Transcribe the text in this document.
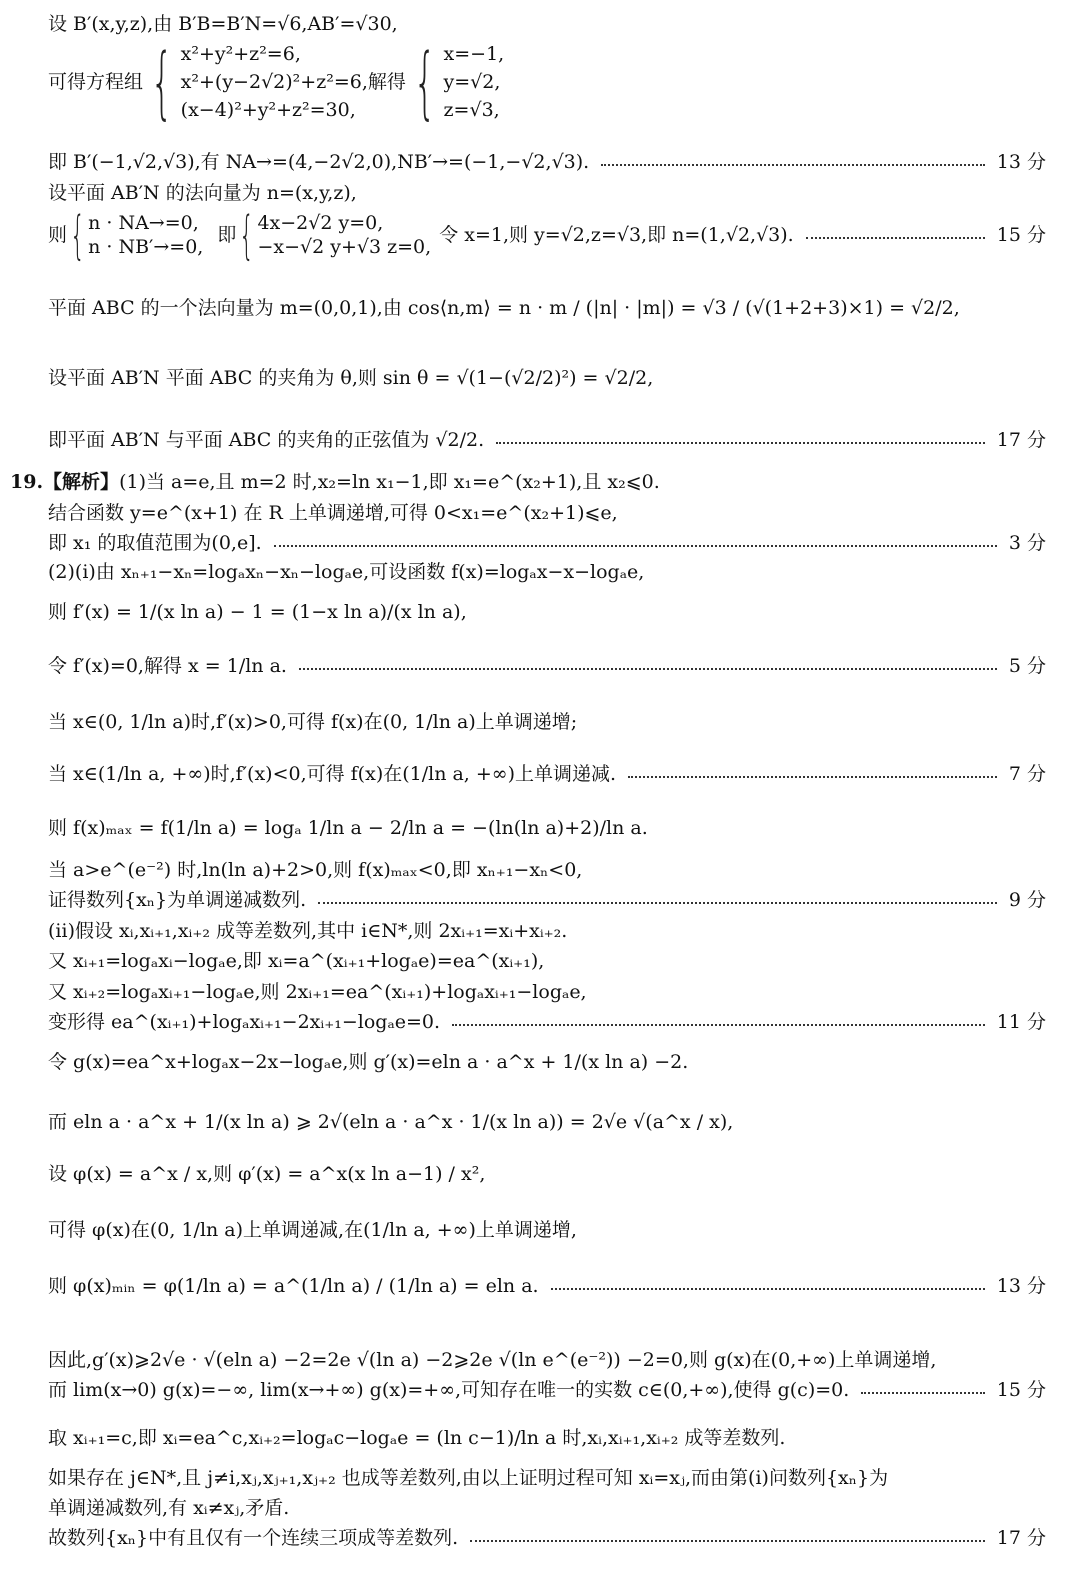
设 B′(x,y,z),由 B′B=B′N=√6,AB′=√30,
可得方程组 { x²+y²+z²=6,
x²+(y−2√2)²+z²=6,解得
(x−4)²+y²+z²=30, { x=−1,
y=√2,
z=√3,
即 B′(−1,√2,√3),有 NA→=(4,−2√2,0),NB′→=(−1,−√2,√3).	13 分
设平面 AB′N 的法向量为 n=(x,y,z),
则 { n · NA→=0,
n · NB′→=0,
即 { 4x−2√2 y=0,
−x−√2 y+√3 z=0,
令 x=1,则 y=√2,z=√3,即 n=(1,√2,√3).	15 分
平面 ABC 的一个法向量为 m=(0,0,1),由 cos⟨n,m⟩ = n · m / (|n| · |m|) = √3 / (√(1+2+3)×1) = √2/2,
设平面 AB′N 平面 ABC 的夹角为 θ,则 sin θ = √(1−(√2/2)²) = √2/2,
即平面 AB′N 与平面 ABC 的夹角的正弦值为 √2/2.	17 分
19.【解析】 (1)当 a=e,且 m=2 时,x₂=ln x₁−1,即 x₁=e^(x₂+1),且 x₂⩽0.
结合函数 y=e^(x+1) 在 R 上单调递增,可得 0<x₁=e^(x₂+1)⩽e,
即 x₁ 的取值范围为(0,e].	3 分
(2)(ⅰ)由 xₙ₊₁−xₙ=logₐxₙ−xₙ−logₐe,可设函数 f(x)=logₐx−x−logₐe,
则 f′(x) = 1/(x ln a) − 1 = (1−x ln a)/(x ln a),
令 f′(x)=0,解得 x = 1/ln a.	5 分
当 x∈(0, 1/ln a)时,f′(x)>0,可得 f(x)在(0, 1/ln a)上单调递增;
当 x∈(1/ln a, +∞)时,f′(x)<0,可得 f(x)在(1/ln a, +∞)上单调递减.	7 分
则 f(x)ₘₐₓ = f(1/ln a) = logₐ 1/ln a − 2/ln a = −(ln(ln a)+2)/ln a.
当 a>e^(e⁻²) 时,ln(ln a)+2>0,则 f(x)ₘₐₓ<0,即 xₙ₊₁−xₙ<0,
证得数列{xₙ}为单调递减数列.	9 分
(ⅱ)假设 xᵢ,xᵢ₊₁,xᵢ₊₂ 成等差数列,其中 i∈N*,则 2xᵢ₊₁=xᵢ+xᵢ₊₂.
又 xᵢ₊₁=logₐxᵢ−logₐe,即 xᵢ=a^(xᵢ₊₁+logₐe)=ea^(xᵢ₊₁),
又 xᵢ₊₂=logₐxᵢ₊₁−logₐe,则 2xᵢ₊₁=ea^(xᵢ₊₁)+logₐxᵢ₊₁−logₐe,
变形得 ea^(xᵢ₊₁)+logₐxᵢ₊₁−2xᵢ₊₁−logₐe=0.	11 分
令 g(x)=ea^x+logₐx−2x−logₐe,则 g′(x)=eln a · a^x + 1/(x ln a) −2.
而 eln a · a^x + 1/(x ln a) ⩾ 2√(eln a · a^x · 1/(x ln a)) = 2√e √(a^x / x),
设 φ(x) = a^x / x,则 φ′(x) = a^x(x ln a−1) / x²,
可得 φ(x)在(0, 1/ln a)上单调递减,在(1/ln a, +∞)上单调递增,
则 φ(x)ₘᵢₙ = φ(1/ln a) = a^(1/ln a) / (1/ln a) = eln a.	13 分
因此,g′(x)⩾2√e · √(eln a) −2=2e √(ln a) −2⩾2e √(ln e^(e⁻²)) −2=0,则 g(x)在(0,+∞)上单调递增,
而 lim(x→0) g(x)=−∞, lim(x→+∞) g(x)=+∞,可知存在唯一的实数 c∈(0,+∞),使得 g(c)=0.	15 分
取 xᵢ₊₁=c,即 xᵢ=ea^c,xᵢ₊₂=logₐc−logₐe = (ln c−1)/ln a 时,xᵢ,xᵢ₊₁,xᵢ₊₂ 成等差数列.
如果存在 j∈N*,且 j≠i,xⱼ,xⱼ₊₁,xⱼ₊₂ 也成等差数列,由以上证明过程可知 xᵢ=xⱼ,而由第(ⅰ)问数列{xₙ}为
单调递减数列,有 xᵢ≠xⱼ,矛盾.
故数列{xₙ}中有且仅有一个连续三项成等差数列.	17 分
